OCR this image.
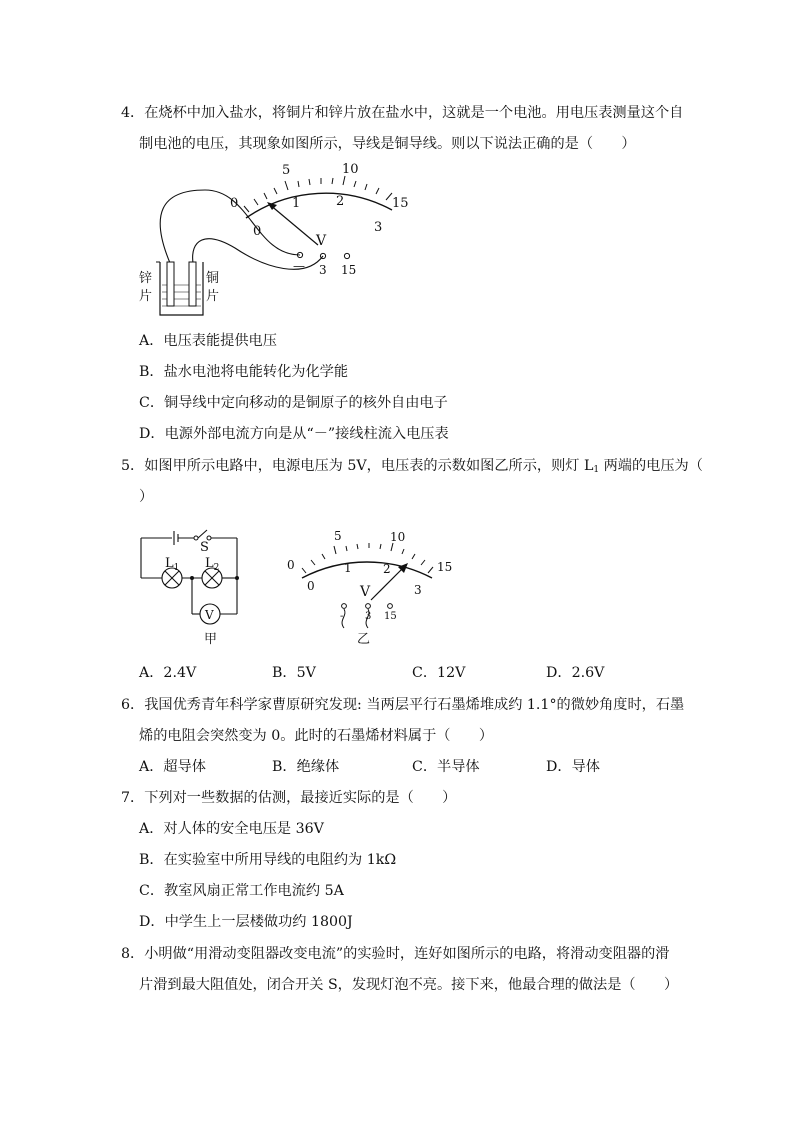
4．在烧杯中加入盐水，将铜片和锌片放在盐水中，这就是一个电池。用电压表测量这个自
制电池的电压，其现象如图所示，导线是铜导线。则以下说法正确的是（　　）
0
5	10
15
0
1	2
3
V
— 3 15
锌
片
铜
片
A．电压表能提供电压
B．盐水电池将电能转化为化学能
C．铜导线中定向移动的是铜原子的核外自由电子
D．电源外部电流方向是从“－”接线柱流入电压表
5．如图甲所示电路中，电源电压为 5V，电压表的示数如图乙所示，则灯 $L_1$ 两端的电压为（
）
S
$L_1$ $L_2$
V
甲
0
5	10
15
0
1	2
3
V
- 3 15
乙
A．2.4V	B．5V	C．12V	D．2.6V
6．我国优秀青年科学家曹原研究发现: 当两层平行石墨烯堆成约 1.1°的微妙角度时，石墨
烯的电阻会突然变为 0。此时的石墨烯材料属于（　　）
A．超导体	B．绝缘体	C．半导体	D．导体
7．下列对一些数据的估测，最接近实际的是（　　）
A．对人体的安全电压是 36V
B．在实验室中所用导线的电阻约为 1kΩ
C．教室风扇正常工作电流约 5A
D．中学生上一层楼做功约 1800J
8．小明做“用滑动变阻器改变电流”的实验时，连好如图所示的电路，将滑动变阻器的滑
片滑到最大阻值处，闭合开关 S，发现灯泡不亮。接下来，他最合理的做法是（　　）
